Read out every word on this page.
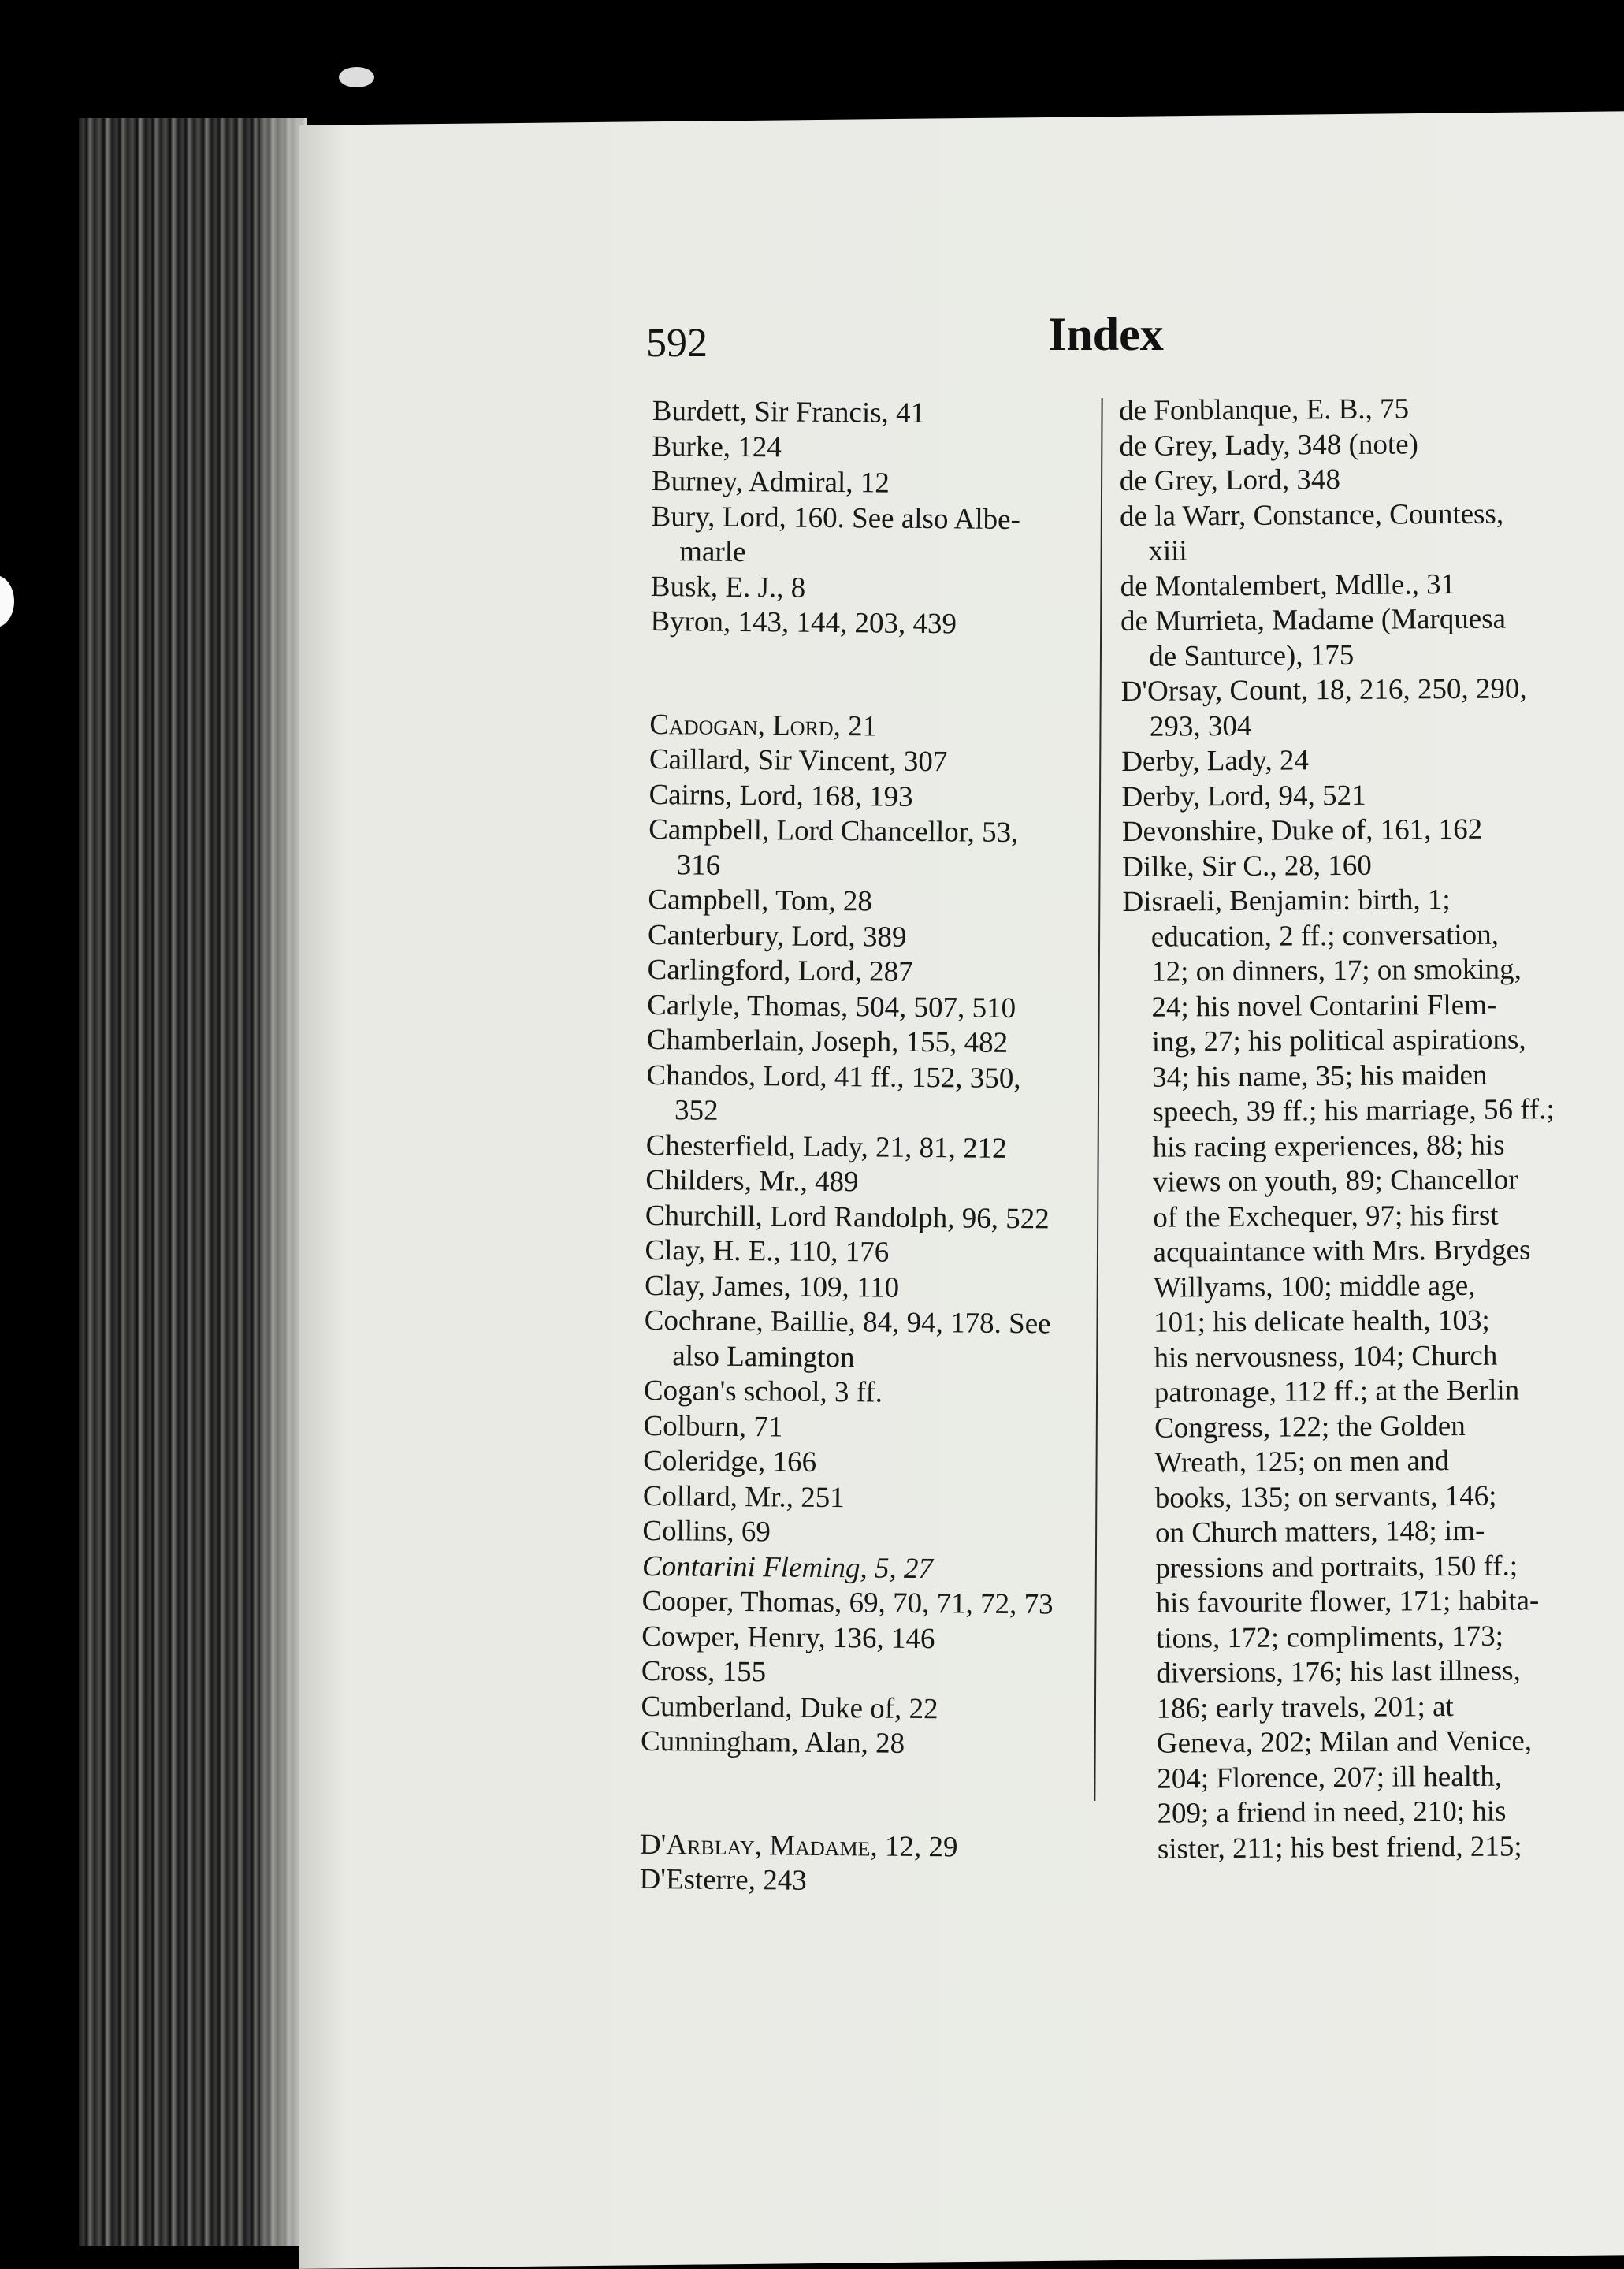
592	Index
Burdett, Sir Francis, 41
Burke, 124
Burney, Admiral, 12
Bury, Lord, 160. See also Albe-
marle
Busk, E. J., 8
Byron, 143, 144, 203, 439
Cadogan, Lord, 21
Caillard, Sir Vincent, 307
Cairns, Lord, 168, 193
Campbell, Lord Chancellor, 53,
316
Campbell, Tom, 28
Canterbury, Lord, 389
Carlingford, Lord, 287
Carlyle, Thomas, 504, 507, 510
Chamberlain, Joseph, 155, 482
Chandos, Lord, 41 ff., 152, 350,
352
Chesterfield, Lady, 21, 81, 212
Childers, Mr., 489
Churchill, Lord Randolph, 96, 522
Clay, H. E., 110, 176
Clay, James, 109, 110
Cochrane, Baillie, 84, 94, 178. See
also Lamington
Cogan's school, 3 ff.
Colburn, 71
Coleridge, 166
Collard, Mr., 251
Collins, 69
Contarini Fleming, 5, 27
Cooper, Thomas, 69, 70, 71, 72, 73
Cowper, Henry, 136, 146
Cross, 155
Cumberland, Duke of, 22
Cunningham, Alan, 28
D'Arblay, Madame, 12, 29
D'Esterre, 243
de Fonblanque, E. B., 75
de Grey, Lady, 348 (note)
de Grey, Lord, 348
de la Warr, Constance, Countess,
xiii
de Montalembert, Mdlle., 31
de Murrieta, Madame (Marquesa
de Santurce), 175
D'Orsay, Count, 18, 216, 250, 290,
293, 304
Derby, Lady, 24
Derby, Lord, 94, 521
Devonshire, Duke of, 161, 162
Dilke, Sir C., 28, 160
Disraeli, Benjamin: birth, 1;
education, 2 ff.; conversation,
12; on dinners, 17; on smoking,
24; his novel Contarini Flem-
ing, 27; his political aspirations,
34; his name, 35; his maiden
speech, 39 ff.; his marriage, 56 ff.;
his racing experiences, 88; his
views on youth, 89; Chancellor
of the Exchequer, 97; his first
acquaintance with Mrs. Brydges
Willyams, 100; middle age,
101; his delicate health, 103;
his nervousness, 104; Church
patronage, 112 ff.; at the Berlin
Congress, 122; the Golden
Wreath, 125; on men and
books, 135; on servants, 146;
on Church matters, 148; im-
pressions and portraits, 150 ff.;
his favourite flower, 171; habita-
tions, 172; compliments, 173;
diversions, 176; his last illness,
186; early travels, 201; at
Geneva, 202; Milan and Venice,
204; Florence, 207; ill health,
209; a friend in need, 210; his
sister, 211; his best friend, 215;
